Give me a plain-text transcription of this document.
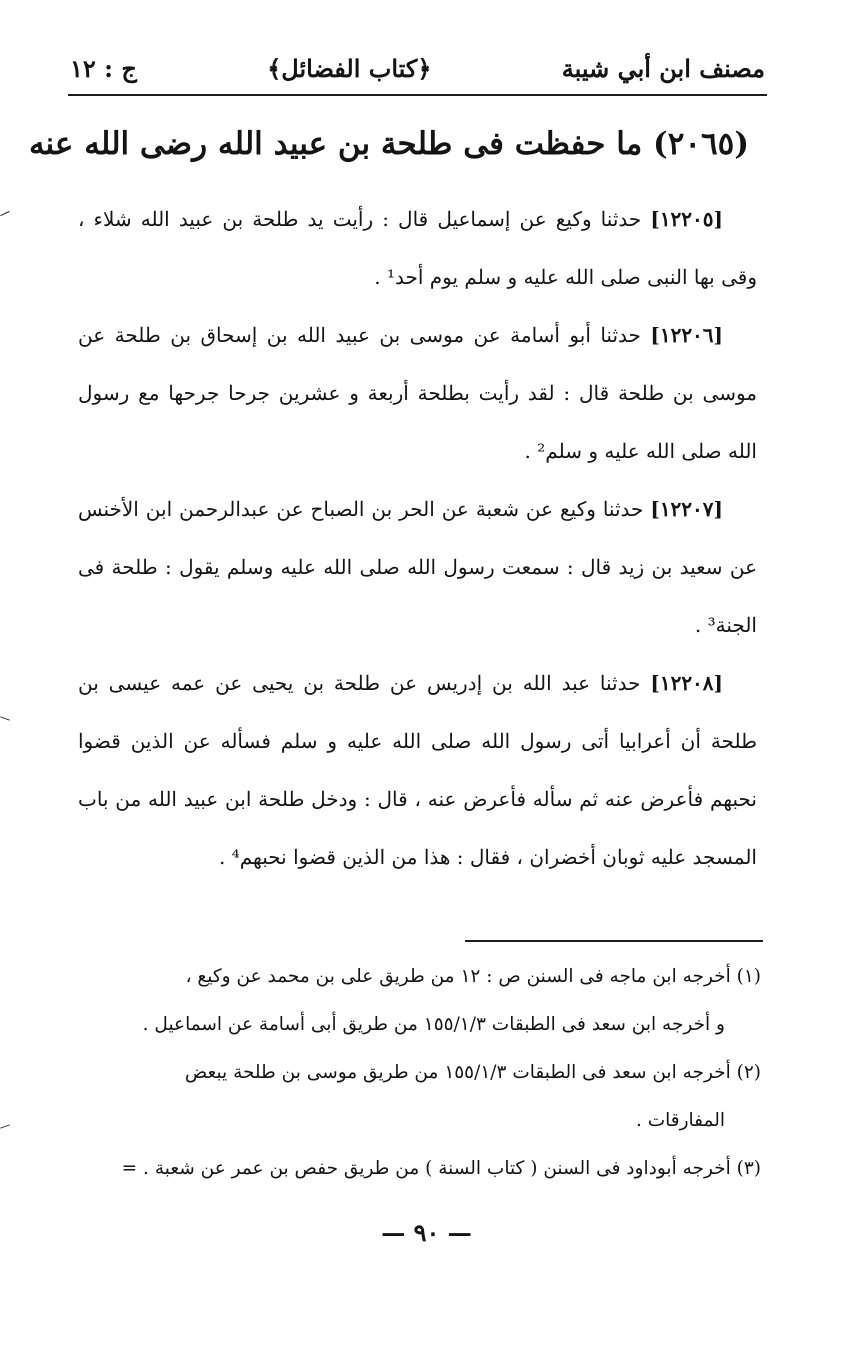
مصنف ابن أبي شيبة
﴿كتاب الفضائل﴾
ج : ١٢
(٢٠٦٥) ما حفظت فى طلحة بن عبيد الله رضى الله عنه

[١٢٢٠٥] حدثنا وكيع عن إسماعيل قال : رأيت يد طلحة بن عبيد الله شلاء ، وقى بها النبى صلى الله عليه و سلم يوم أحد¹ .

[١٢٢٠٦] حدثنا أبو أسامة عن موسى بن عبيد الله بن إسحاق بن طلحة عن موسى بن طلحة قال : لقد رأيت بطلحة أربعة و عشرين جرحا جرحها مع رسول الله صلى الله عليه و سلم² .

[١٢٢٠٧] حدثنا وكيع عن شعبة عن الحر بن الصباح عن عبدالرحمن ابن الأخنس عن سعيد بن زيد قال : سمعت رسول الله صلى الله عليه وسلم يقول : طلحة فى الجنة³ .

[١٢٢٠٨] حدثنا عبد الله بن إدريس عن طلحة بن يحيى عن عمه عيسى بن طلحة أن أعرابيا أتى رسول الله صلى الله عليه و سلم فسأله عن الذين قضوا نحبهم فأعرض عنه ثم سأله فأعرض عنه ، قال : ودخل طلحة ابن عبيد الله من باب المسجد عليه ثوبان أخضران ، فقال : هذا من الذين قضوا نحبهم⁴ .

(١) أخرجه ابن ماجه فى السنن ص : ١٢ من طريق على بن محمد عن وكيع ،

و أخرجه ابن سعد فى الطبقات ١٥٥/١/٣ من طريق أبى أسامة عن اسماعيل .

(٢) أخرجه ابن سعد فى الطبقات ١٥٥/١/٣ من طريق موسى بن طلحة يبعض

المفارقات .

(٣) أخرجه أبوداود فى السنن ( كتاب السنة ) من طريق حفص بن عمر عن شعبة . =

— ٩٠ —
